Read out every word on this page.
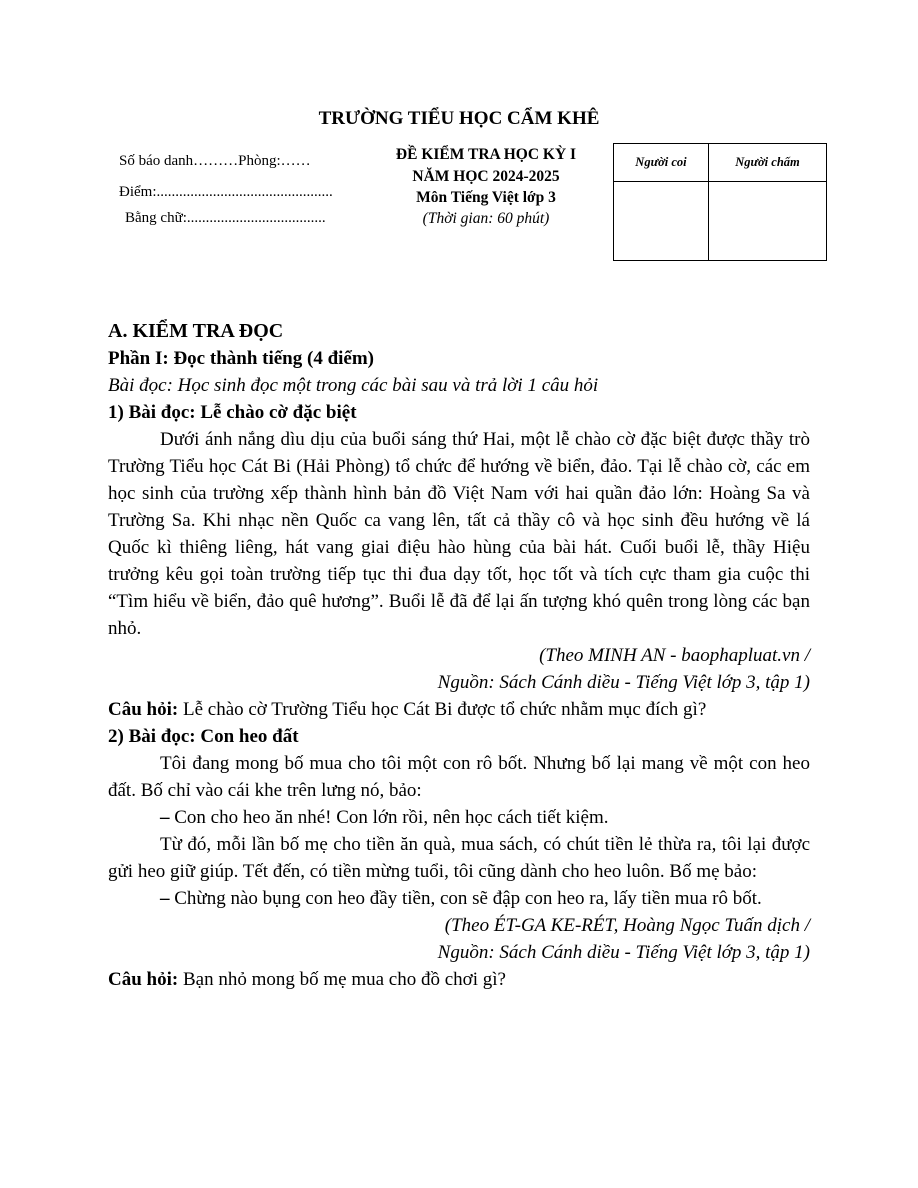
TRƯỜNG TIỂU HỌC CẨM KHÊ
Số báo danh………Phòng:……
Điểm:...............................................
Bằng chữ:.....................................
ĐỀ KIỂM TRA HỌC KỲ I
NĂM HỌC 2024-2025
Môn Tiếng Việt lớp 3
(Thời gian: 60 phút)
Người coi	Người chấm

A. KIỂM TRA ĐỌC

Phần I: Đọc thành tiếng (4 điểm)

Bài đọc: Học sinh đọc một trong các bài sau và trả lời 1 câu hỏi

1) Bài đọc: Lễ chào cờ đặc biệt

Dưới ánh nắng dìu dịu của buổi sáng thứ Hai, một lễ chào cờ đặc biệt được thầy trò Trường Tiểu học Cát Bi (Hải Phòng) tổ chức để hướng về biển, đảo. Tại lễ chào cờ, các em học sinh của trường xếp thành hình bản đồ Việt Nam với hai quần đảo lớn: Hoàng Sa và Trường Sa. Khi nhạc nền Quốc ca vang lên, tất cả thầy cô và học sinh đều hướng về lá Quốc kì thiêng liêng, hát vang giai điệu hào hùng của bài hát. Cuối buổi lễ, thầy Hiệu trưởng kêu gọi toàn trường tiếp tục thi đua dạy tốt, học tốt và tích cực tham gia cuộc thi “Tìm hiểu về biển, đảo quê hương”. Buổi lễ đã để lại ấn tượng khó quên trong lòng các bạn nhỏ.

(Theo MINH AN - baophapluat.vn /

Nguồn: Sách Cánh diều - Tiếng Việt lớp 3, tập 1)

Câu hỏi: Lễ chào cờ Trường Tiểu học Cát Bi được tổ chức nhằm mục đích gì?

2) Bài đọc: Con heo đất

Tôi đang mong bố mua cho tôi một con rô bốt. Nhưng bố lại mang về một con heo đất. Bố chỉ vào cái khe trên lưng nó, bảo:

– Con cho heo ăn nhé! Con lớn rồi, nên học cách tiết kiệm.

Từ đó, mỗi lần bố mẹ cho tiền ăn quà, mua sách, có chút tiền lẻ thừa ra, tôi lại được gửi heo giữ giúp. Tết đến, có tiền mừng tuổi, tôi cũng dành cho heo luôn. Bố mẹ bảo:

– Chừng nào bụng con heo đầy tiền, con sẽ đập con heo ra, lấy tiền mua rô bốt.

(Theo ÉT-GA KE-RÉT, Hoàng Ngọc Tuấn dịch /

Nguồn: Sách Cánh diều - Tiếng Việt lớp 3, tập 1)

Câu hỏi: Bạn nhỏ mong bố mẹ mua cho đồ chơi gì?
